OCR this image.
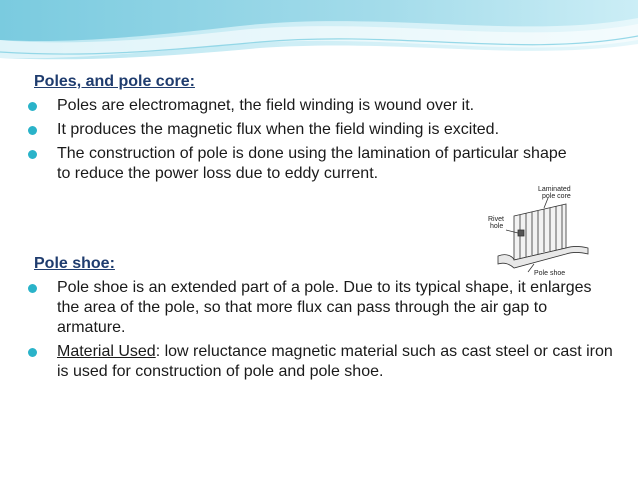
Poles, and pole core:
Poles are electromagnet, the field winding is wound over it.
It produces the magnetic flux when the field winding is excited.
The construction of pole is done using the lamination of particular shape to reduce the power loss due to eddy current.
Pole shoe:
Pole shoe is an extended part of a pole. Due to its typical shape, it enlarges the area of the pole, so that more flux can pass through the air gap to armature.
Material Used: low reluctance magnetic material such as cast steel or cast iron is used for construction of pole and pole shoe.
Laminated
pole core
Rivet
hole
Pole shoe
